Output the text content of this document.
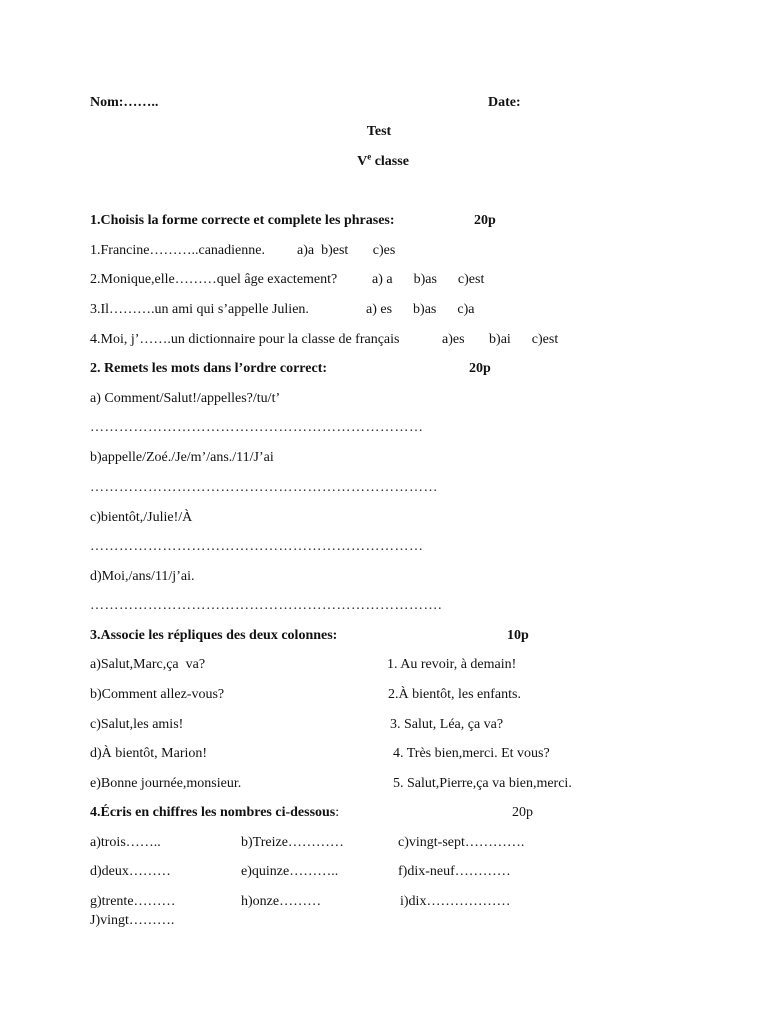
Nom:……..	Date:
Test
Ve classe
1.Choisis la forme correcte et complete les phrases:	20p
1.Francine………..canadienne. a)a  b)est       c)es
2.Monique,elle………quel âge exactement? a) a      b)as      c)est
3.Il……….un ami qui s’appelle Julien.	a) es      b)as      c)a
4.Moi, j’…….un dictionnaire pour la classe de français	a)es       b)ai      c)est
2. Remets les mots dans l’ordre correct:	20p
a) Comment/Salut!/appelles?/tu/t’
……………………………………………………………
b)appelle/Zoé./Je/m’/ans./11/J’ai
………………………………………………………………
c)bientôt,/Julie!/À
……………………………………………………………
d)Moi,/ans/11/j’ai.
……………………………………………………………….
3.Associe les répliques des deux colonnes:	10p
a)Salut,Marc,ça  va?	1. Au revoir, à demain!
b)Comment allez-vous?	2.À bientôt, les enfants.
c)Salut,les amis!	3. Salut, Léa, ça va?
d)À bientôt, Marion!	4. Très bien,merci. Et vous?
e)Bonne journée,monsieur.	5. Salut,Pierre,ça va bien,merci.
4.Écris en chiffres les nombres ci-dessous:	20p
a)trois……..	b)Treize…………	c)vingt-sept………….
d)deux………	e)quinze………..	f)dix-neuf…………
g)trente………	h)onze………	i)dix………………
J)vingt……….
